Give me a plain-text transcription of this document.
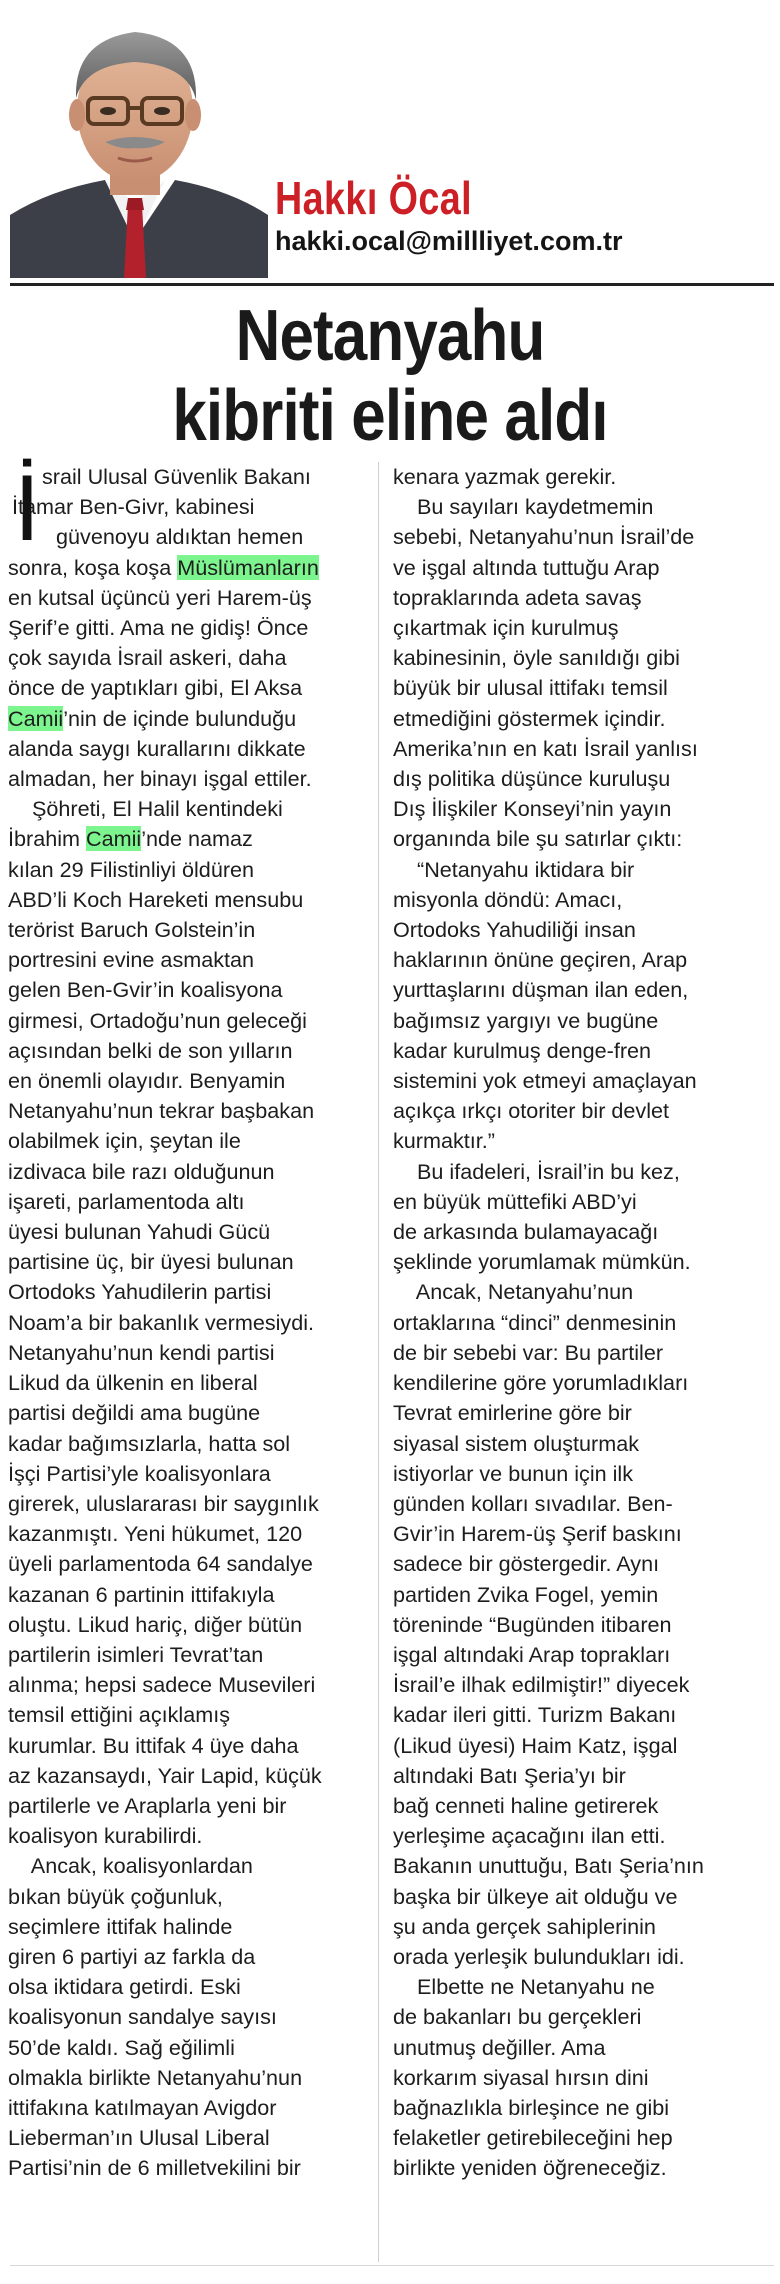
Hakkı Öcal
hakki.ocal@millliyet.com.tr
Netanyahu
kibriti eline aldı
İ srail Ulusal Güvenlik Bakanı
İtamar Ben-Givr, kabinesi
güvenoyu aldıktan hemen
sonra, koşa koşa Müslümanların
en kutsal üçüncü yeri Harem-üş
Şerif’e gitti. Ama ne gidiş! Önce
çok sayıda İsrail askeri, daha
önce de yaptıkları gibi, El Aksa
Camii’nin de içinde bulunduğu
alanda saygı kurallarını dikkate
almadan, her binayı işgal ettiler.
Şöhreti, El Halil kentindeki
İbrahim Camii’nde namaz
kılan 29 Filistinliyi öldüren
ABD’li Koch Hareketi mensubu
terörist Baruch Golstein’in
portresini evine asmaktan
gelen Ben-Gvir’in koalisyona
girmesi, Ortadoğu’nun geleceği
açısından belki de son yılların
en önemli olayıdır. Benyamin
Netanyahu’nun tekrar başbakan
olabilmek için, şeytan ile
izdivaca bile razı olduğunun
işareti, parlamentoda altı
üyesi bulunan Yahudi Gücü
partisine üç, bir üyesi bulunan
Ortodoks Yahudilerin partisi
Noam’a bir bakanlık vermesiydi.
Netanyahu’nun kendi partisi
Likud da ülkenin en liberal
partisi değildi ama bugüne
kadar bağımsızlarla, hatta sol
İşçi Partisi’yle koalisyonlara
girerek, uluslararası bir saygınlık
kazanmıştı. Yeni hükumet, 120
üyeli parlamentoda 64 sandalye
kazanan 6 partinin ittifakıyla
oluştu. Likud hariç, diğer bütün
partilerin isimleri Tevrat’tan
alınma; hepsi sadece Musevileri
temsil ettiğini açıklamış
kurumlar. Bu ittifak 4 üye daha
az kazansaydı, Yair Lapid, küçük
partilerle ve Araplarla yeni bir
koalisyon kurabilirdi.
Ancak, koalisyonlardan
bıkan büyük çoğunluk,
seçimlere ittifak halinde
giren 6 partiyi az farkla da
olsa iktidara getirdi. Eski
koalisyonun sandalye sayısı
50’de kaldı. Sağ eğilimli
olmakla birlikte Netanyahu’nun
ittifakına katılmayan Avigdor
Lieberman’ın Ulusal Liberal
Partisi’nin de 6 milletvekilini bir
kenara yazmak gerekir.
Bu sayıları kaydetmemin
sebebi, Netanyahu’nun İsrail’de
ve işgal altında tuttuğu Arap
topraklarında adeta savaş
çıkartmak için kurulmuş
kabinesinin, öyle sanıldığı gibi
büyük bir ulusal ittifakı temsil
etmediğini göstermek içindir.
Amerika’nın en katı İsrail yanlısı
dış politika düşünce kuruluşu
Dış İlişkiler Konseyi’nin yayın
organında bile şu satırlar çıktı:
“Netanyahu iktidara bir
misyonla döndü: Amacı,
Ortodoks Yahudiliği insan
haklarının önüne geçiren, Arap
yurttaşlarını düşman ilan eden,
bağımsız yargıyı ve bugüne
kadar kurulmuş denge-fren
sistemini yok etmeyi amaçlayan
açıkça ırkçı otoriter bir devlet
kurmaktır.”
Bu ifadeleri, İsrail’in bu kez,
en büyük müttefiki ABD’yi
de arkasında bulamayacağı
şeklinde yorumlamak mümkün.
Ancak, Netanyahu’nun
ortaklarına “dinci” denmesinin
de bir sebebi var: Bu partiler
kendilerine göre yorumladıkları
Tevrat emirlerine göre bir
siyasal sistem oluşturmak
istiyorlar ve bunun için ilk
günden kolları sıvadılar. Ben-
Gvir’in Harem-üş Şerif baskını
sadece bir göstergedir. Aynı
partiden Zvika Fogel, yemin
töreninde “Bugünden itibaren
işgal altındaki Arap toprakları
İsrail’e ilhak edilmiştir!” diyecek
kadar ileri gitti. Turizm Bakanı
(Likud üyesi) Haim Katz, işgal
altındaki Batı Şeria’yı bir
bağ cenneti haline getirerek
yerleşime açacağını ilan etti.
Bakanın unuttuğu, Batı Şeria’nın
başka bir ülkeye ait olduğu ve
şu anda gerçek sahiplerinin
orada yerleşik bulundukları idi.
Elbette ne Netanyahu ne
de bakanları bu gerçekleri
unutmuş değiller. Ama
korkarım siyasal hırsın dini
bağnazlıkla birleşince ne gibi
felaketler getirebileceğini hep
birlikte yeniden öğreneceğiz.
